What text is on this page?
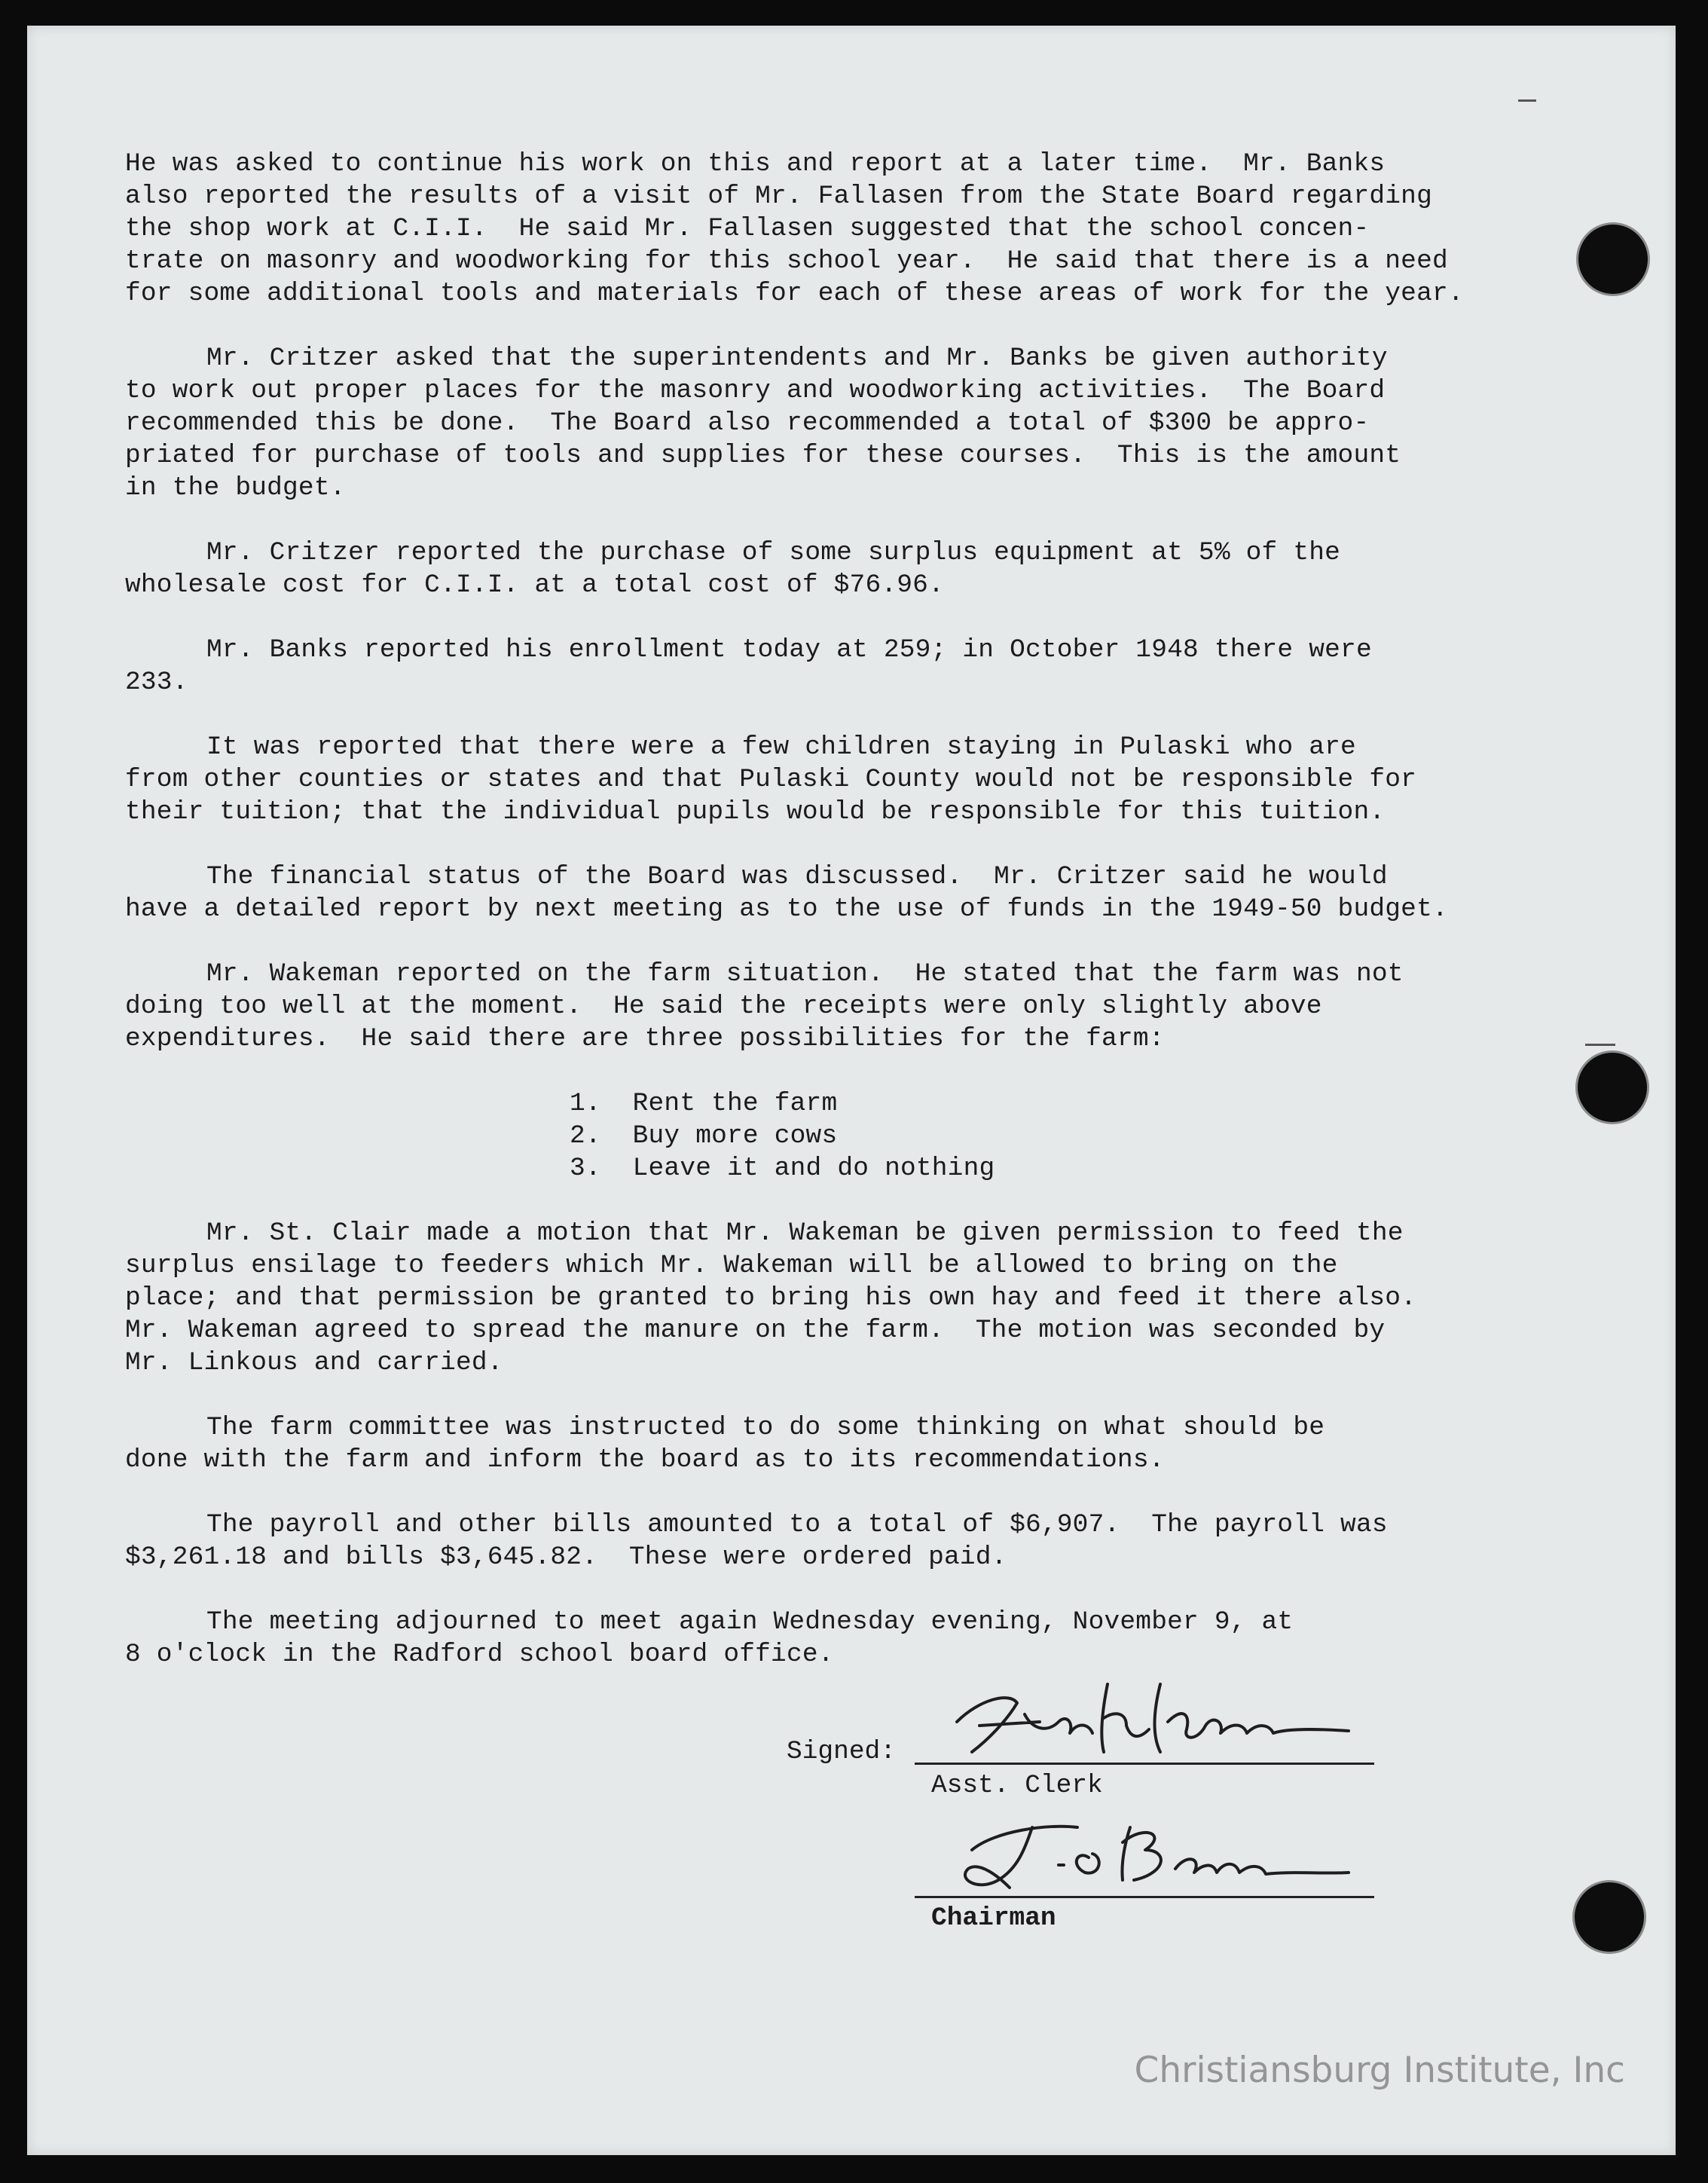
He was asked to continue his work on this and report at a later time.  Mr. Banks
also reported the results of a visit of Mr. Fallasen from the State Board regarding
the shop work at C.I.I.  He said Mr. Fallasen suggested that the school concen-
trate on masonry and woodworking for this school year.  He said that there is a need
for some additional tools and materials for each of these areas of work for the year.
Mr. Critzer asked that the superintendents and Mr. Banks be given authority
to work out proper places for the masonry and woodworking activities.  The Board
recommended this be done.  The Board also recommended a total of $300 be appro-
priated for purchase of tools and supplies for these courses.  This is the amount
in the budget.
Mr. Critzer reported the purchase of some surplus equipment at 5% of the
wholesale cost for C.I.I. at a total cost of $76.96.
Mr. Banks reported his enrollment today at 259; in October 1948 there were
233.
It was reported that there were a few children staying in Pulaski who are
from other counties or states and that Pulaski County would not be responsible for
their tuition; that the individual pupils would be responsible for this tuition.
The financial status of the Board was discussed.  Mr. Critzer said he would
have a detailed report by next meeting as to the use of funds in the 1949-50 budget.
Mr. Wakeman reported on the farm situation.  He stated that the farm was not
doing too well at the moment.  He said the receipts were only slightly above
expenditures.  He said there are three possibilities for the farm:
1.  Rent the farm
2.  Buy more cows
3.  Leave it and do nothing
Mr. St. Clair made a motion that Mr. Wakeman be given permission to feed the
surplus ensilage to feeders which Mr. Wakeman will be allowed to bring on the
place; and that permission be granted to bring his own hay and feed it there also.
Mr. Wakeman agreed to spread the manure on the farm.  The motion was seconded by
Mr. Linkous and carried.
The farm committee was instructed to do some thinking on what should be
done with the farm and inform the board as to its recommendations.
The payroll and other bills amounted to a total of $6,907.  The payroll was
$3,261.18 and bills $3,645.82.  These were ordered paid.
The meeting adjourned to meet again Wednesday evening, November 9, at
8 o'clock in the Radford school board office.
Signed:
Asst. Clerk
Chairman
Christiansburg Institute, Inc
